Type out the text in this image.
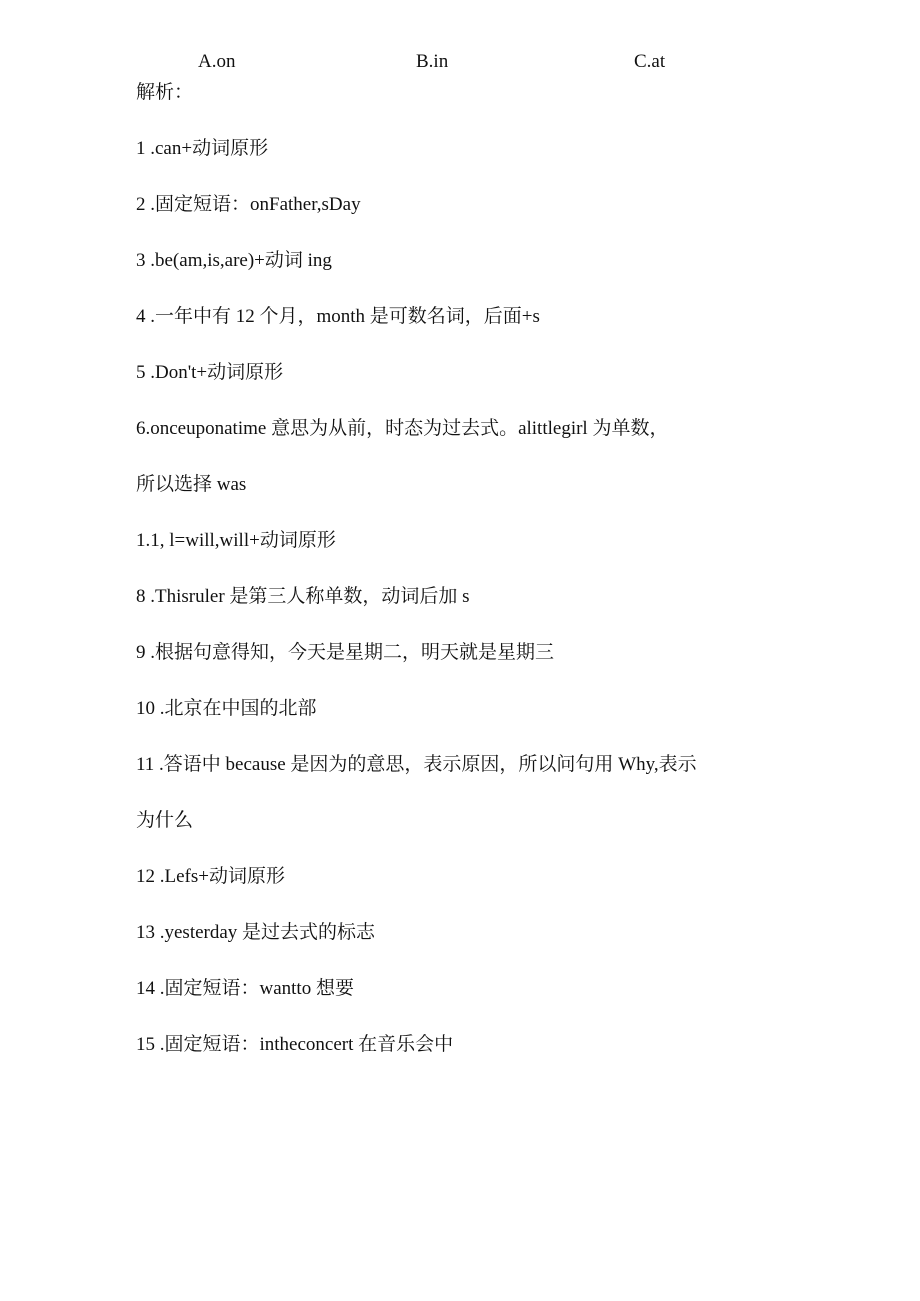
A.on	B.in	C.at
解析：
1 .can+动词原形
2 .固定短语：onFather,sDay
3 .be(am,is,are)+动词 ing
4 .一年中有 12 个月，month 是可数名词，后面+s
5 .Don't+动词原形
6.onceuponatime 意思为从前，时态为过去式。alittlegirl 为单数，
所以选择 was
1.1, l=will,will+动词原形
8 .Thisruler 是第三人称单数，动词后加 s
9 .根据句意得知，今天是星期二，明天就是星期三
10 .北京在中国的北部
11 .答语中 because 是因为的意思，表示原因，所以问句用 Why,表示
为什么
12 .Lefs+动词原形
13 .yesterday 是过去式的标志
14 .固定短语：wantto 想要
15 .固定短语：intheconcert 在音乐会中
